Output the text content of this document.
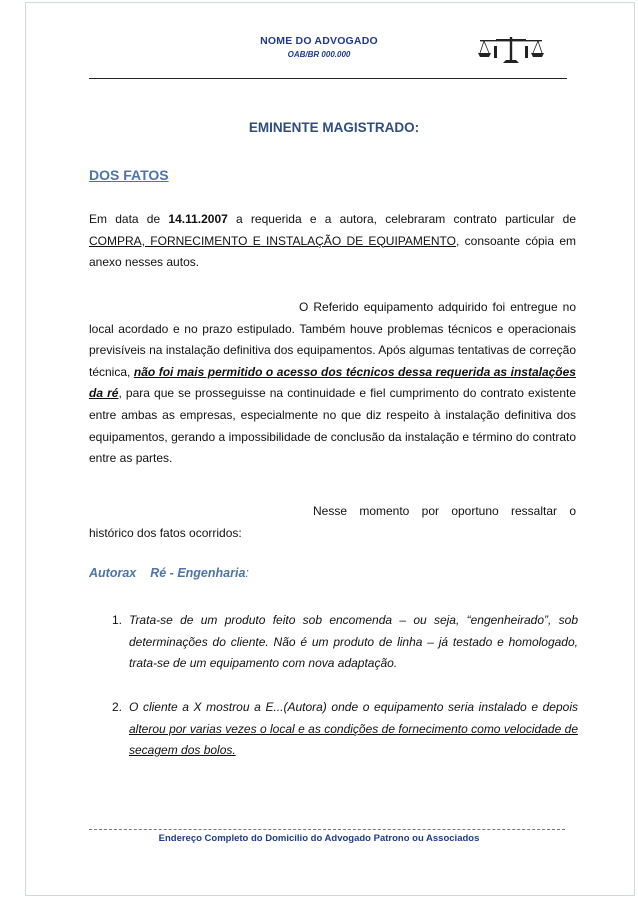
NOME DO ADVOGADO
OAB/BR 000.000
EMINENTE MAGISTRADO:
DOS FATOS
Em data de 14.11.2007 a requerida e a autora, celebraram contrato particular de COMPRA, FORNECIMENTO E INSTALAÇÃO DE EQUIPAMENTO, consoante cópia em anexo nesses autos.
O Referido equipamento adquirido foi entregue no local acordado e no prazo estipulado. Também houve problemas técnicos e operacionais previsíveis na instalação definitiva dos equipamentos. Após algumas tentativas de correção técnica, não foi mais permitido o acesso dos técnicos dessa requerida as instalações da ré, para que se prosseguisse na continuidade e fiel cumprimento do contrato existente entre ambas as empresas, especialmente no que diz respeito à instalação definitiva dos equipamentos, gerando a impossibilidade de conclusão da instalação e término do contrato entre as partes.
Nesse momento por oportuno ressaltar o histórico dos fatos ocorridos:
Autorax Ré - Engenharia:
1. Trata-se de um produto feito sob encomenda – ou seja, “engenheirado”, sob determinações do cliente. Não é um produto de linha – já testado e homologado, trata-se de um equipamento com nova adaptação.
2. O cliente a X mostrou a E...(Autora) onde o equipamento seria instalado e depois alterou por varias vezes o local e as condições de fornecimento como velocidade de secagem dos bolos.
Endereço Completo do Domicilio do Advogado Patrono ou Associados
